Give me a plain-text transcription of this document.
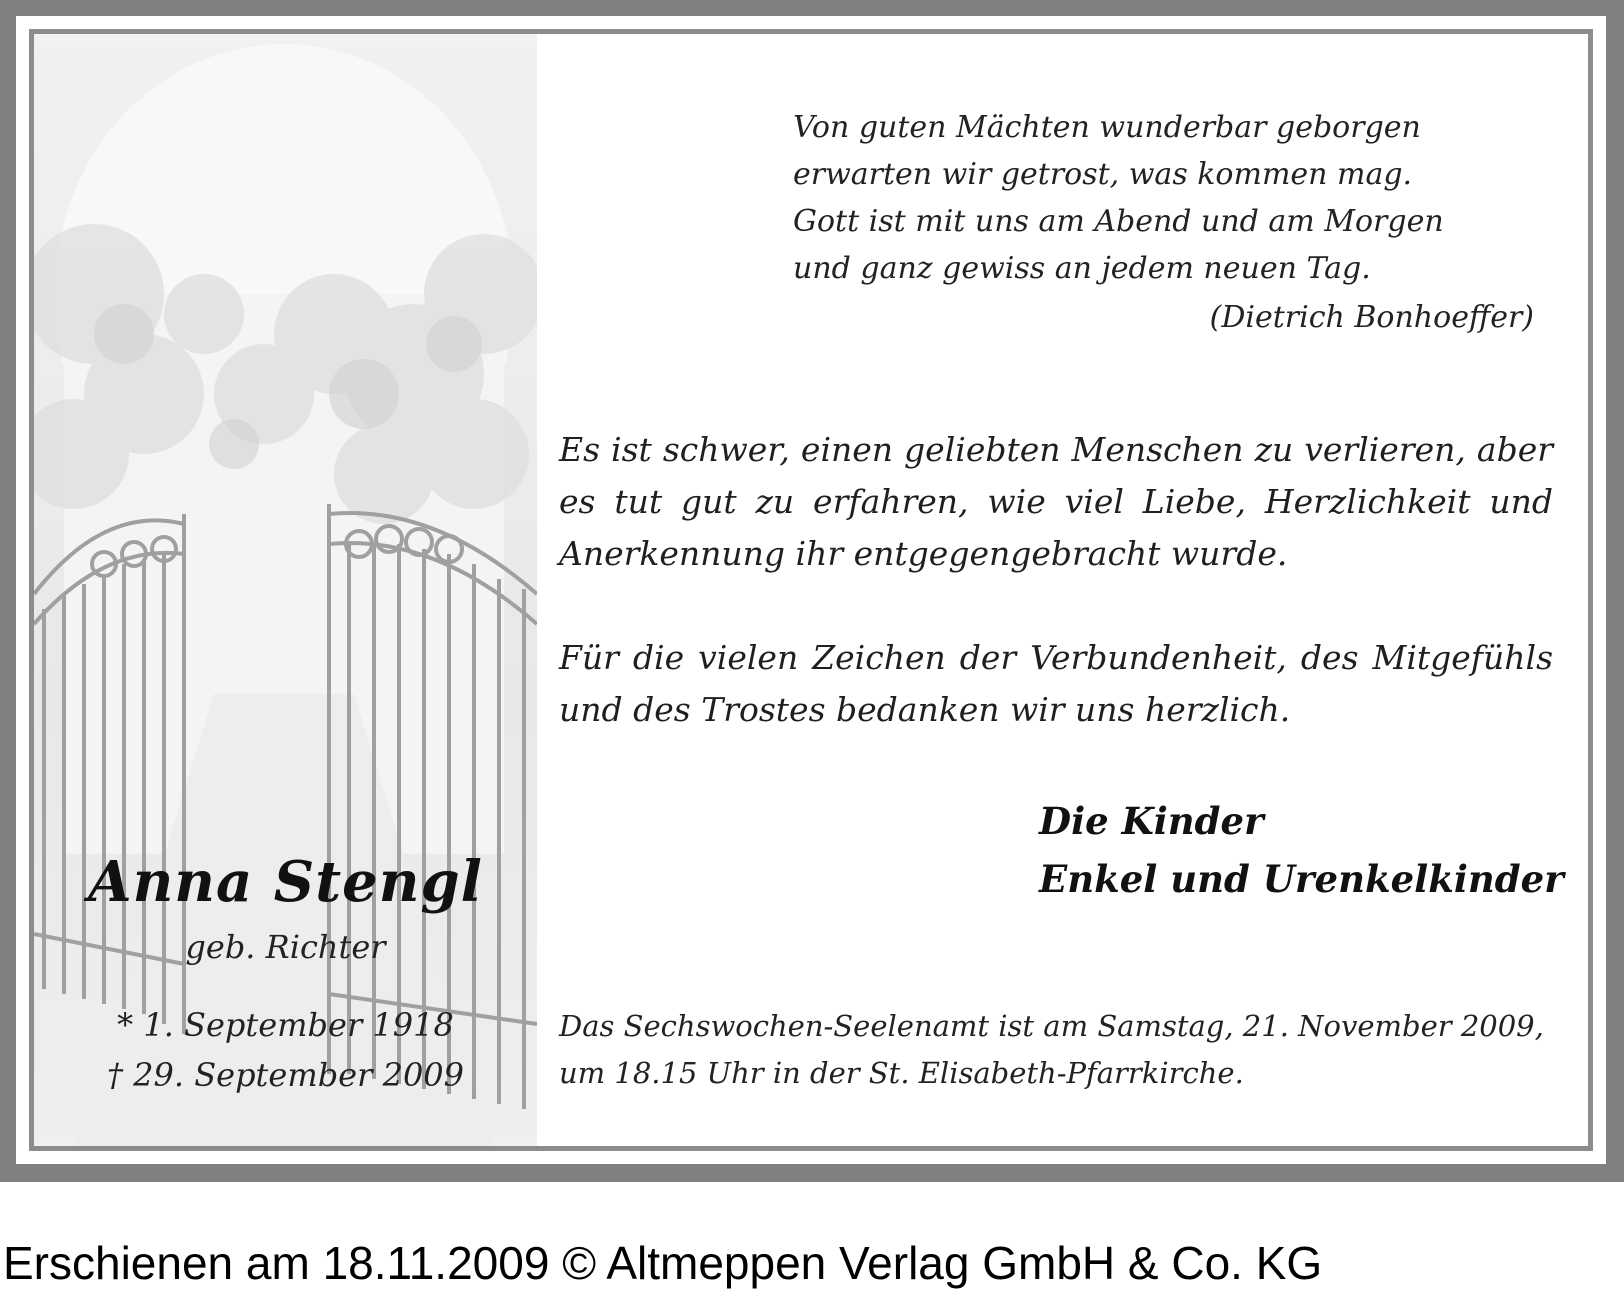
Anna Stengl
geb. Richter
* 1. September 1918
† 29. September 2009
Von guten Mächten wunderbar geborgen
erwarten wir getrost, was kommen mag.
Gott ist mit uns am Abend und am Morgen
und ganz gewiss an jedem neuen Tag.
(Dietrich Bonhoeffer)

Es ist schwer, einen geliebten Menschen zu verlieren, aber es tut gut zu erfahren, wie viel Liebe, Herzlichkeit und Anerkennung ihr entgegengebracht wurde.

Für die vielen Zeichen der Verbundenheit, des Mitgefühls und des Trostes bedanken wir uns herzlich.

Die Kinder
Enkel und Urenkelkinder
Das Sechswochen-Seelenamt ist am Samstag, 21. November 2009,
um 18.15 Uhr in der St. Elisabeth-Pfarrkirche.
Erschienen am 18.11.2009 © Altmeppen Verlag GmbH & Co. KG
